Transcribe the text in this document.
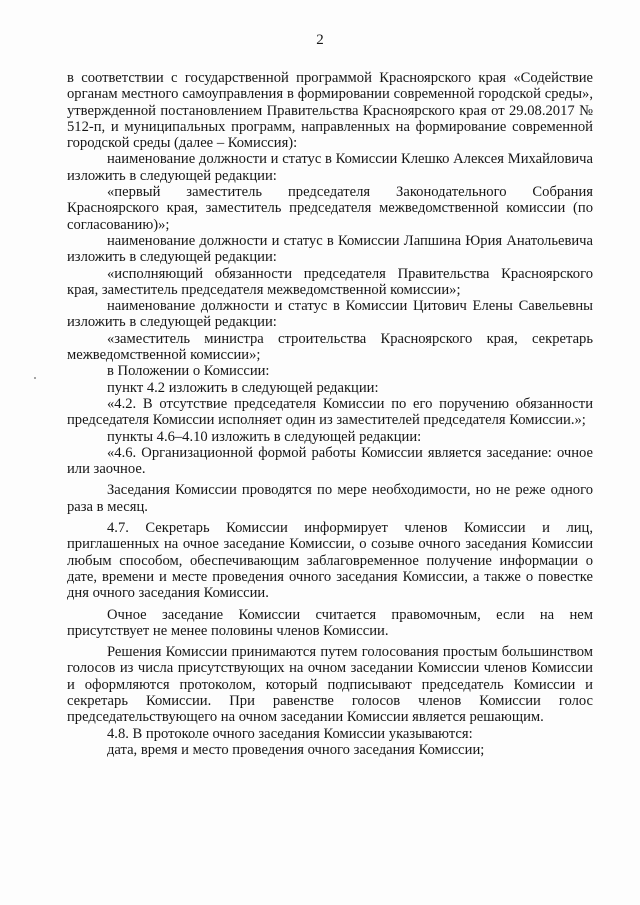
2

в соответствии с государственной программой Красноярского края «Содействие органам местного самоуправления в формировании современной городской среды», утвержденной постановлением Правительства Красноярского края от 29.08.2017 № 512-п, и муниципальных программ, направленных на формирование современной городской среды (далее – Комиссия):

наименование должности и статус в Комиссии Клешко Алексея Михайловича изложить в следующей редакции:

«первый заместитель председателя Законодательного Собрания Красноярского края, заместитель председателя межведомственной комиссии (по согласованию)»;

наименование должности и статус в Комиссии Лапшина Юрия Анатольевича изложить в следующей редакции:

«исполняющий обязанности председателя Правительства Красноярского края, заместитель председателя межведомственной комиссии»;

наименование должности и статус в Комиссии Цитович Елены Савельевны изложить в следующей редакции:

«заместитель министра строительства Красноярского края, секретарь межведомственной комиссии»;

в Положении о Комиссии:

пункт 4.2 изложить в следующей редакции:

«4.2. В отсутствие председателя Комиссии по его поручению обязанности председателя Комиссии исполняет один из заместителей председателя Комиссии.»;

пункты 4.6–4.10 изложить в следующей редакции:

«4.6. Организационной формой работы Комиссии является заседание: очное или заочное.

Заседания Комиссии проводятся по мере необходимости, но не реже одного раза в месяц.

4.7. Секретарь Комиссии информирует членов Комиссии и лиц, приглашенных на очное заседание Комиссии, о созыве очного заседания Комиссии любым способом, обеспечивающим заблаговременное получение информации о дате, времени и месте проведения очного заседания Комиссии, а также о повестке дня очного заседания Комиссии.

Очное заседание Комиссии считается правомочным, если на нем присутствует не менее половины членов Комиссии.

Решения Комиссии принимаются путем голосования простым большинством голосов из числа присутствующих на очном заседании Комиссии членов Комиссии и оформляются протоколом, который подписывают председатель Комиссии и секретарь Комиссии. При равенстве голосов членов Комиссии голос председательствующего на очном заседании Комиссии является решающим.

4.8. В протоколе очного заседания Комиссии указываются:

дата, время и место проведения очного заседания Комиссии;
